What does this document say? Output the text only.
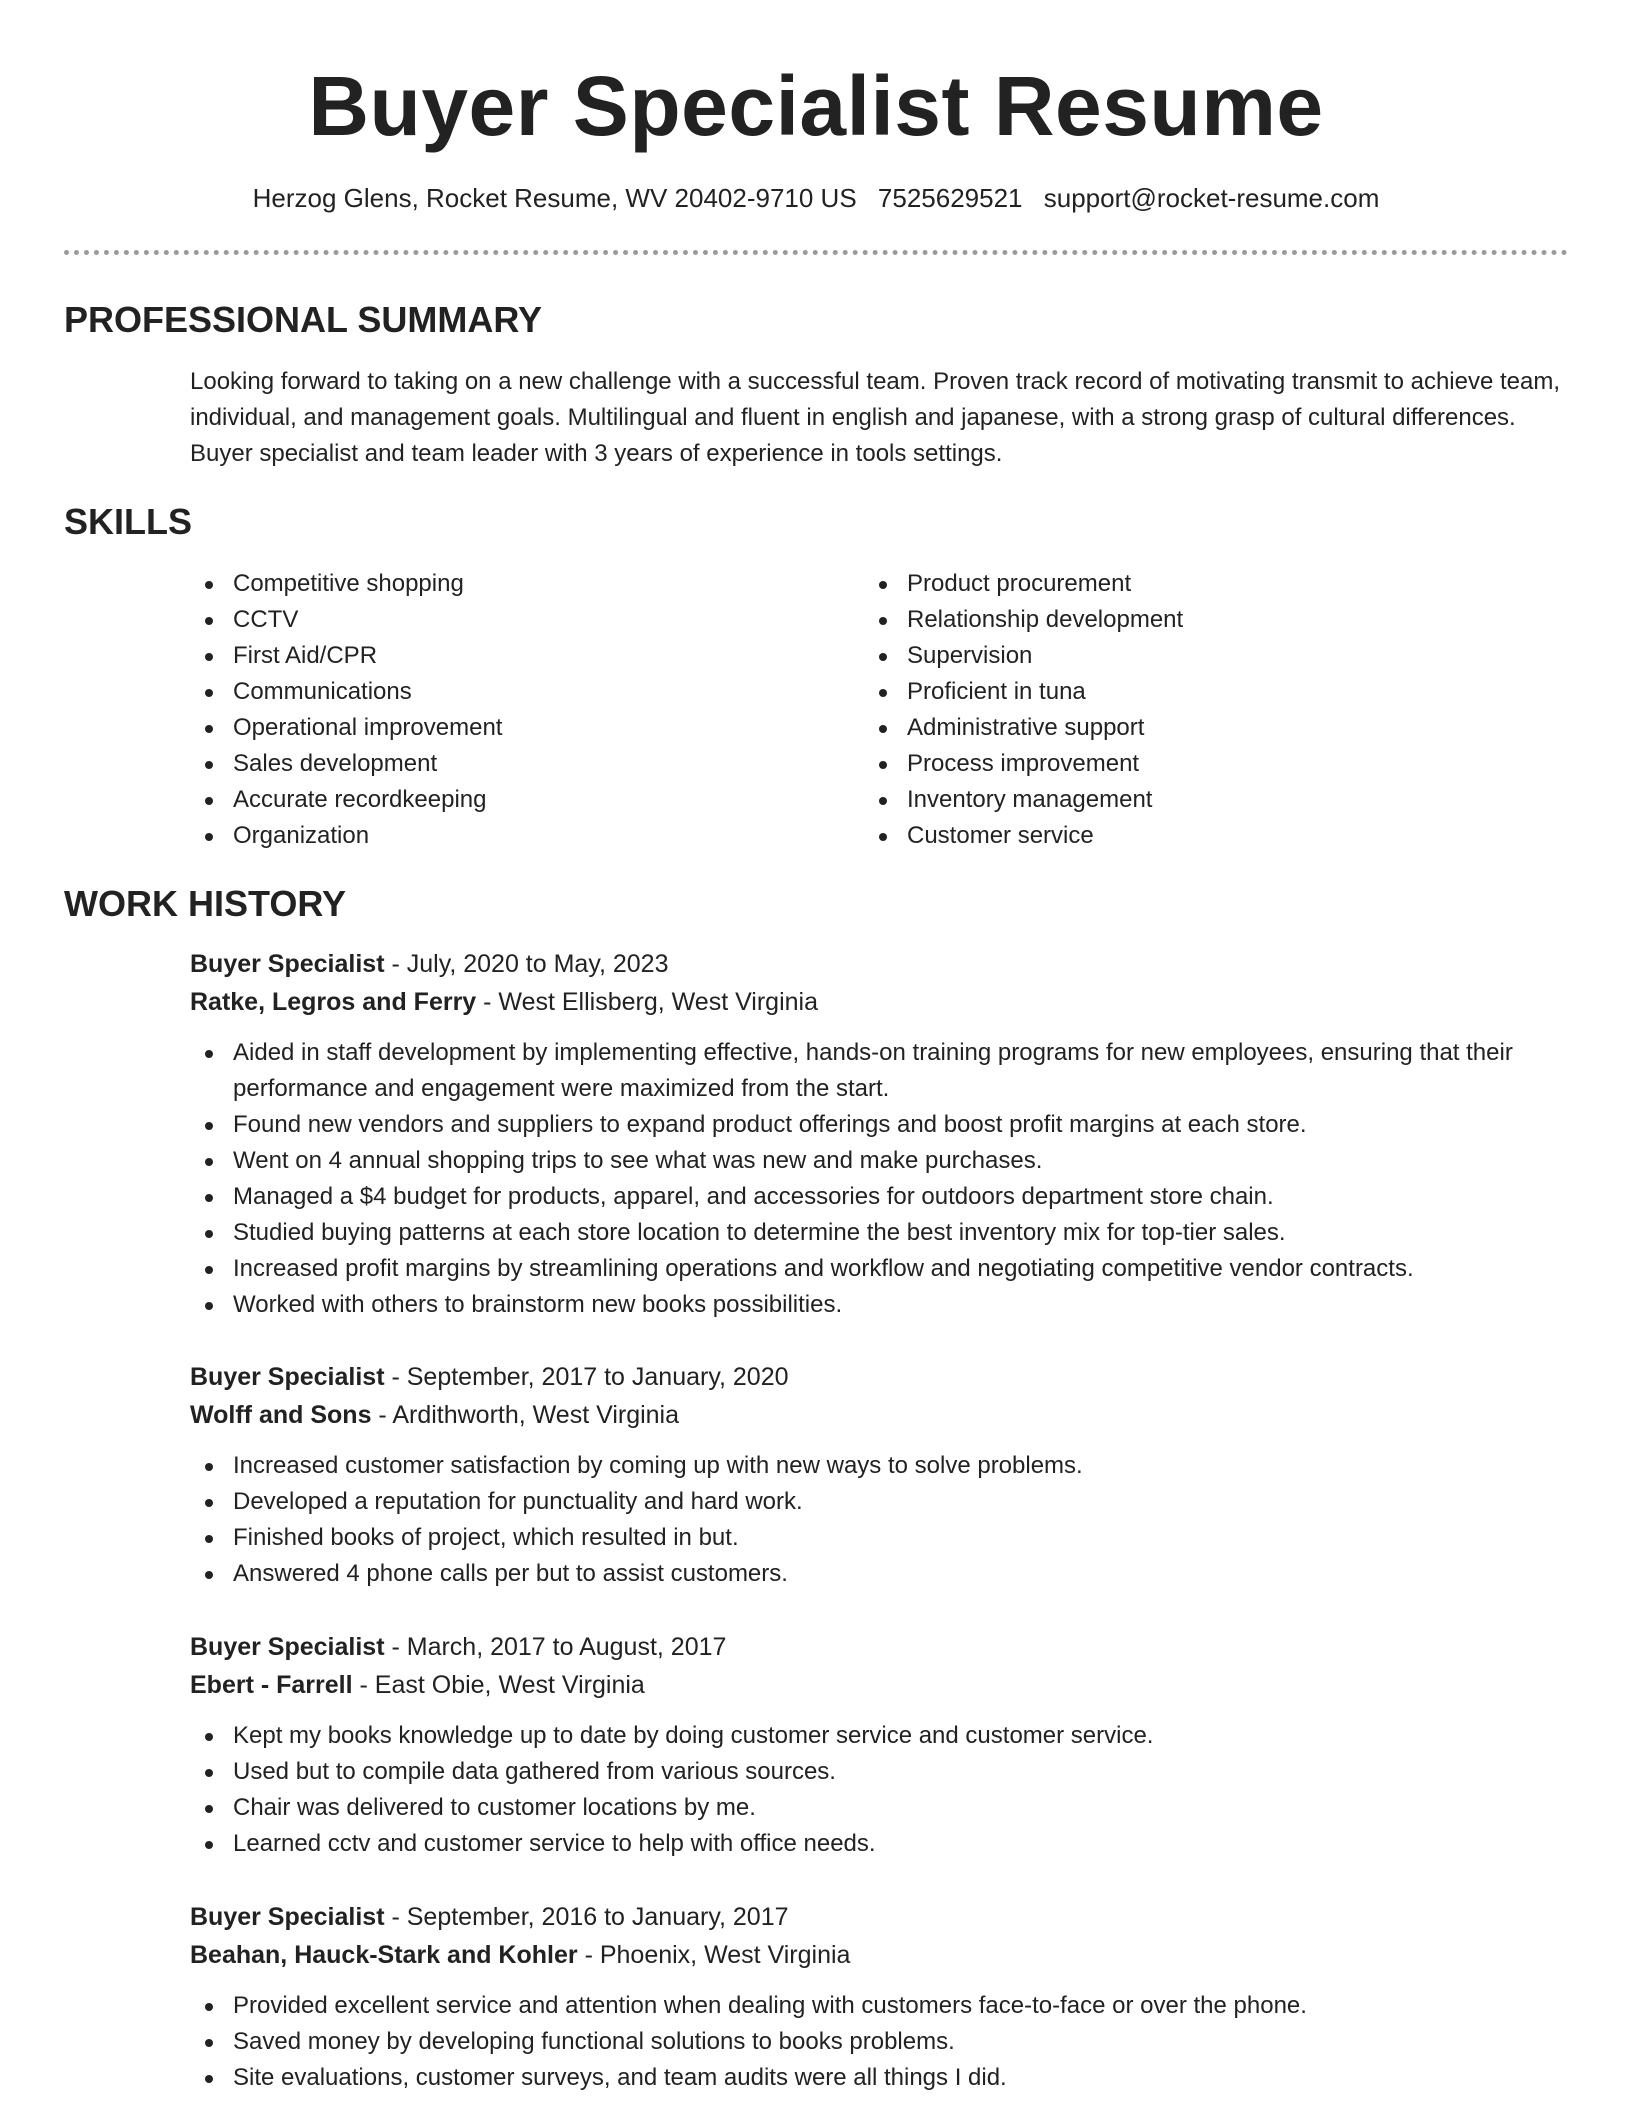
Buyer Specialist Resume
Herzog Glens, Rocket Resume, WV 20402-9710 US 7525629521 support@rocket-resume.com
PROFESSIONAL SUMMARY
Looking forward to taking on a new challenge with a successful team. Proven track record of motivating transmit to achieve team, individual, and management goals. Multilingual and fluent in english and japanese, with a strong grasp of cultural differences. Buyer specialist and team leader with 3 years of experience in tools settings.
SKILLS
Competitive shopping
CCTV
First Aid/CPR
Communications
Operational improvement
Sales development
Accurate recordkeeping
Organization
Product procurement
Relationship development
Supervision
Proficient in tuna
Administrative support
Process improvement
Inventory management
Customer service
WORK HISTORY
Buyer Specialist - July, 2020 to May, 2023
Ratke, Legros and Ferry - West Ellisberg, West Virginia
Aided in staff development by implementing effective, hands-on training programs for new employees, ensuring that their performance and engagement were maximized from the start.
Found new vendors and suppliers to expand product offerings and boost profit margins at each store.
Went on 4 annual shopping trips to see what was new and make purchases.
Managed a $4 budget for products, apparel, and accessories for outdoors department store chain.
Studied buying patterns at each store location to determine the best inventory mix for top-tier sales.
Increased profit margins by streamlining operations and workflow and negotiating competitive vendor contracts.
Worked with others to brainstorm new books possibilities.
Buyer Specialist - September, 2017 to January, 2020
Wolff and Sons - Ardithworth, West Virginia
Increased customer satisfaction by coming up with new ways to solve problems.
Developed a reputation for punctuality and hard work.
Finished books of project, which resulted in but.
Answered 4 phone calls per but to assist customers.
Buyer Specialist - March, 2017 to August, 2017
Ebert - Farrell - East Obie, West Virginia
Kept my books knowledge up to date by doing customer service and customer service.
Used but to compile data gathered from various sources.
Chair was delivered to customer locations by me.
Learned cctv and customer service to help with office needs.
Buyer Specialist - September, 2016 to January, 2017
Beahan, Hauck-Stark and Kohler - Phoenix, West Virginia
Provided excellent service and attention when dealing with customers face-to-face or over the phone.
Saved money by developing functional solutions to books problems.
Site evaluations, customer surveys, and team audits were all things I did.
